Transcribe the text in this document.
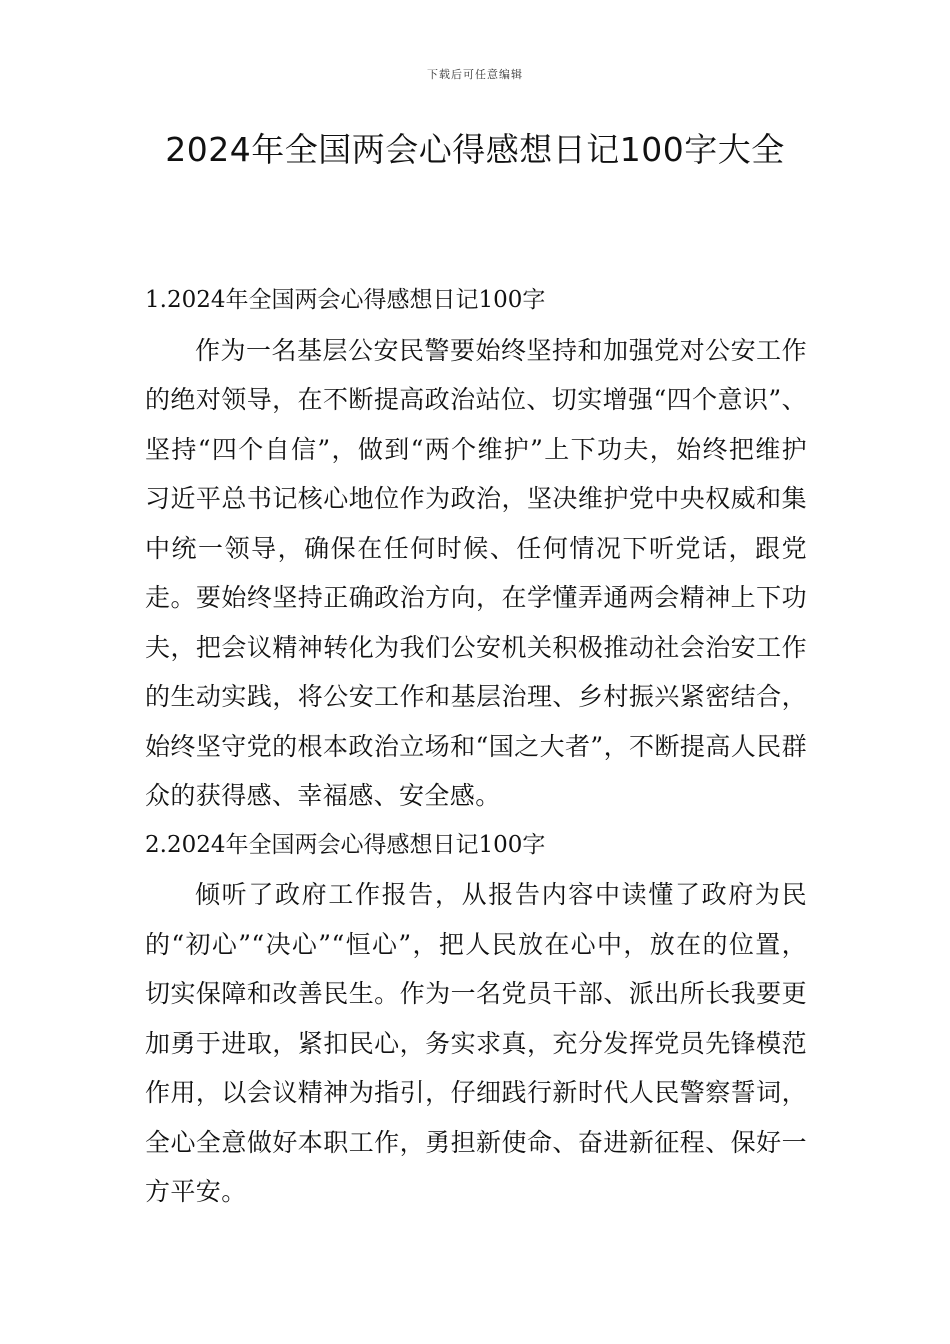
下载后可任意编辑
2024年全国两会心得感想日记100字大全

1.2024年全国两会心得感想日记100字

作为一名基层公安民警要始终坚持和加强党对公安工作的绝对领导，在不断提高政治站位、切实增强“四个意识”、坚持“四个自信”，做到“两个维护”上下功夫，始终把维护习近平总书记核心地位作为政治，坚决维护党中央权威和集中统一领导，确保在任何时候、任何情况下听党话，跟党走。要始终坚持正确政治方向，在学懂弄通两会精神上下功夫，把会议精神转化为我们公安机关积极推动社会治安工作的生动实践，将公安工作和基层治理、乡村振兴紧密结合，始终坚守党的根本政治立场和“国之大者”，不断提高人民群众的获得感、幸福感、安全感。

2.2024年全国两会心得感想日记100字

倾听了政府工作报告，从报告内容中读懂了政府为民的“初心”“决心”“恒心”，把人民放在心中，放在的位置，切实保障和改善民生。作为一名党员干部、派出所长我要更加勇于进取，紧扣民心，务实求真，充分发挥党员先锋模范作用，以会议精神为指引，仔细践行新时代人民警察誓词，全心全意做好本职工作，勇担新使命、奋进新征程、保好一方平安。
